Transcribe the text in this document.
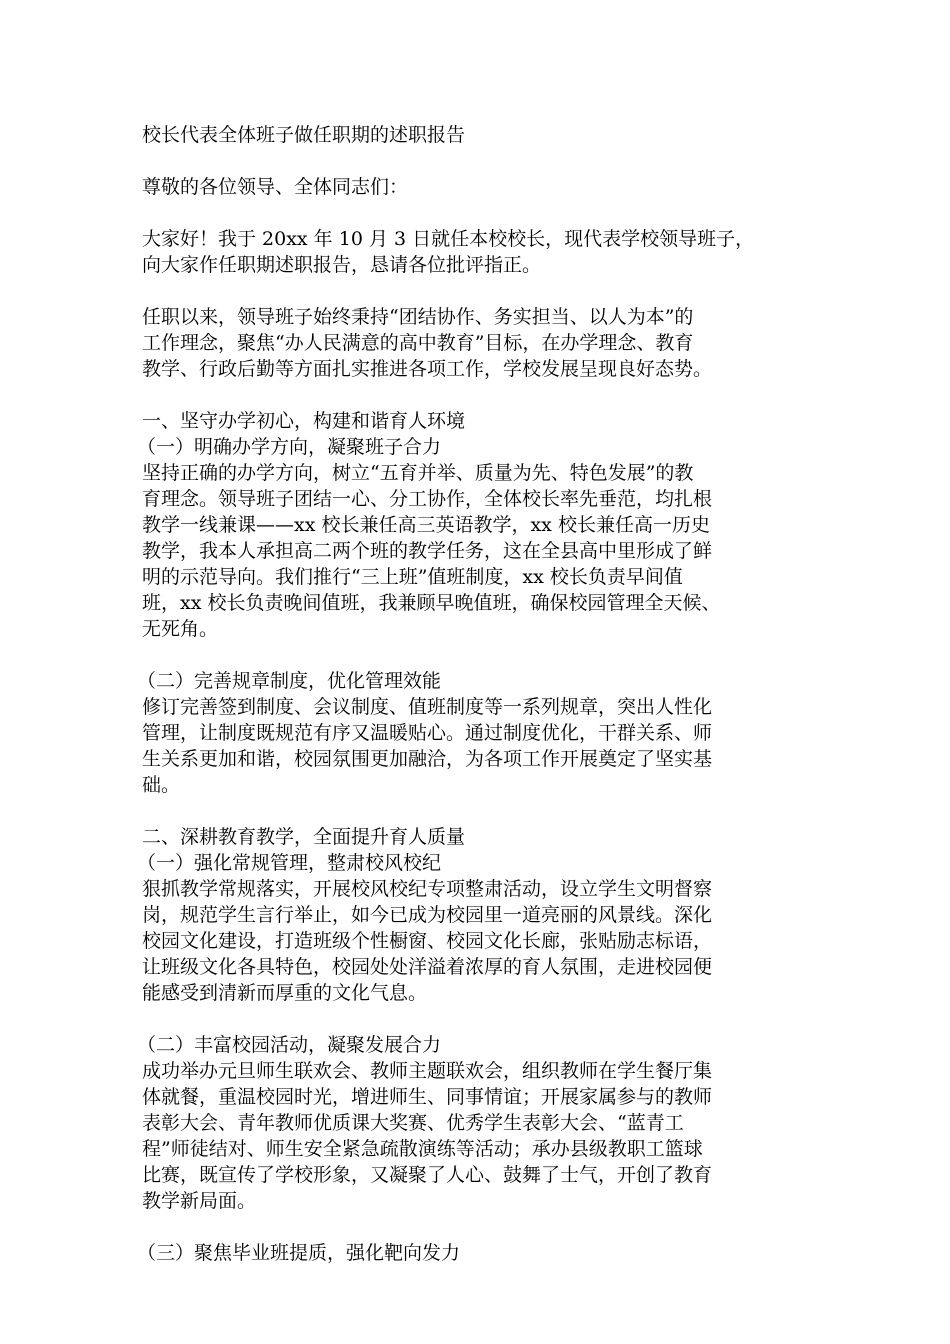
校长代表全体班子做任职期的述职报告

尊敬的各位领导、全体同志们：

大家好！我于 20xx 年 10 月 3 日就任本校校长，现代表学校领导班子，

向大家作任职期述职报告，恳请各位批评指正。

任职以来，领导班子始终秉持“团结协作、务实担当、以人为本”的

工作理念，聚焦“办人民满意的高中教育”目标，在办学理念、教育

教学、行政后勤等方面扎实推进各项工作，学校发展呈现良好态势。

一、坚守办学初心，构建和谐育人环境

（一）明确办学方向，凝聚班子合力

坚持正确的办学方向，树立“五育并举、质量为先、特色发展”的教

育理念。领导班子团结一心、分工协作，全体校长率先垂范，均扎根

教学一线兼课——xx 校长兼任高三英语教学，xx 校长兼任高一历史

教学，我本人承担高二两个班的教学任务，这在全县高中里形成了鲜

明的示范导向。我们推行“三上班”值班制度，xx 校长负责早间值

班，xx 校长负责晚间值班，我兼顾早晚值班，确保校园管理全天候、

无死角。

（二）完善规章制度，优化管理效能

修订完善签到制度、会议制度、值班制度等一系列规章，突出人性化

管理，让制度既规范有序又温暖贴心。通过制度优化，干群关系、师

生关系更加和谐，校园氛围更加融洽，为各项工作开展奠定了坚实基

础。

二、深耕教育教学，全面提升育人质量

（一）强化常规管理，整肃校风校纪

狠抓教学常规落实，开展校风校纪专项整肃活动，设立学生文明督察

岗，规范学生言行举止，如今已成为校园里一道亮丽的风景线。深化

校园文化建设，打造班级个性橱窗、校园文化长廊，张贴励志标语，

让班级文化各具特色，校园处处洋溢着浓厚的育人氛围，走进校园便

能感受到清新而厚重的文化气息。

（二）丰富校园活动，凝聚发展合力

成功举办元旦师生联欢会、教师主题联欢会，组织教师在学生餐厅集

体就餐，重温校园时光，增进师生、同事情谊；开展家属参与的教师

表彰大会、青年教师优质课大奖赛、优秀学生表彰大会、“蓝青工

程”师徒结对、师生安全紧急疏散演练等活动；承办县级教职工篮球

比赛，既宣传了学校形象，又凝聚了人心、鼓舞了士气，开创了教育

教学新局面。

（三）聚焦毕业班提质，强化靶向发力
